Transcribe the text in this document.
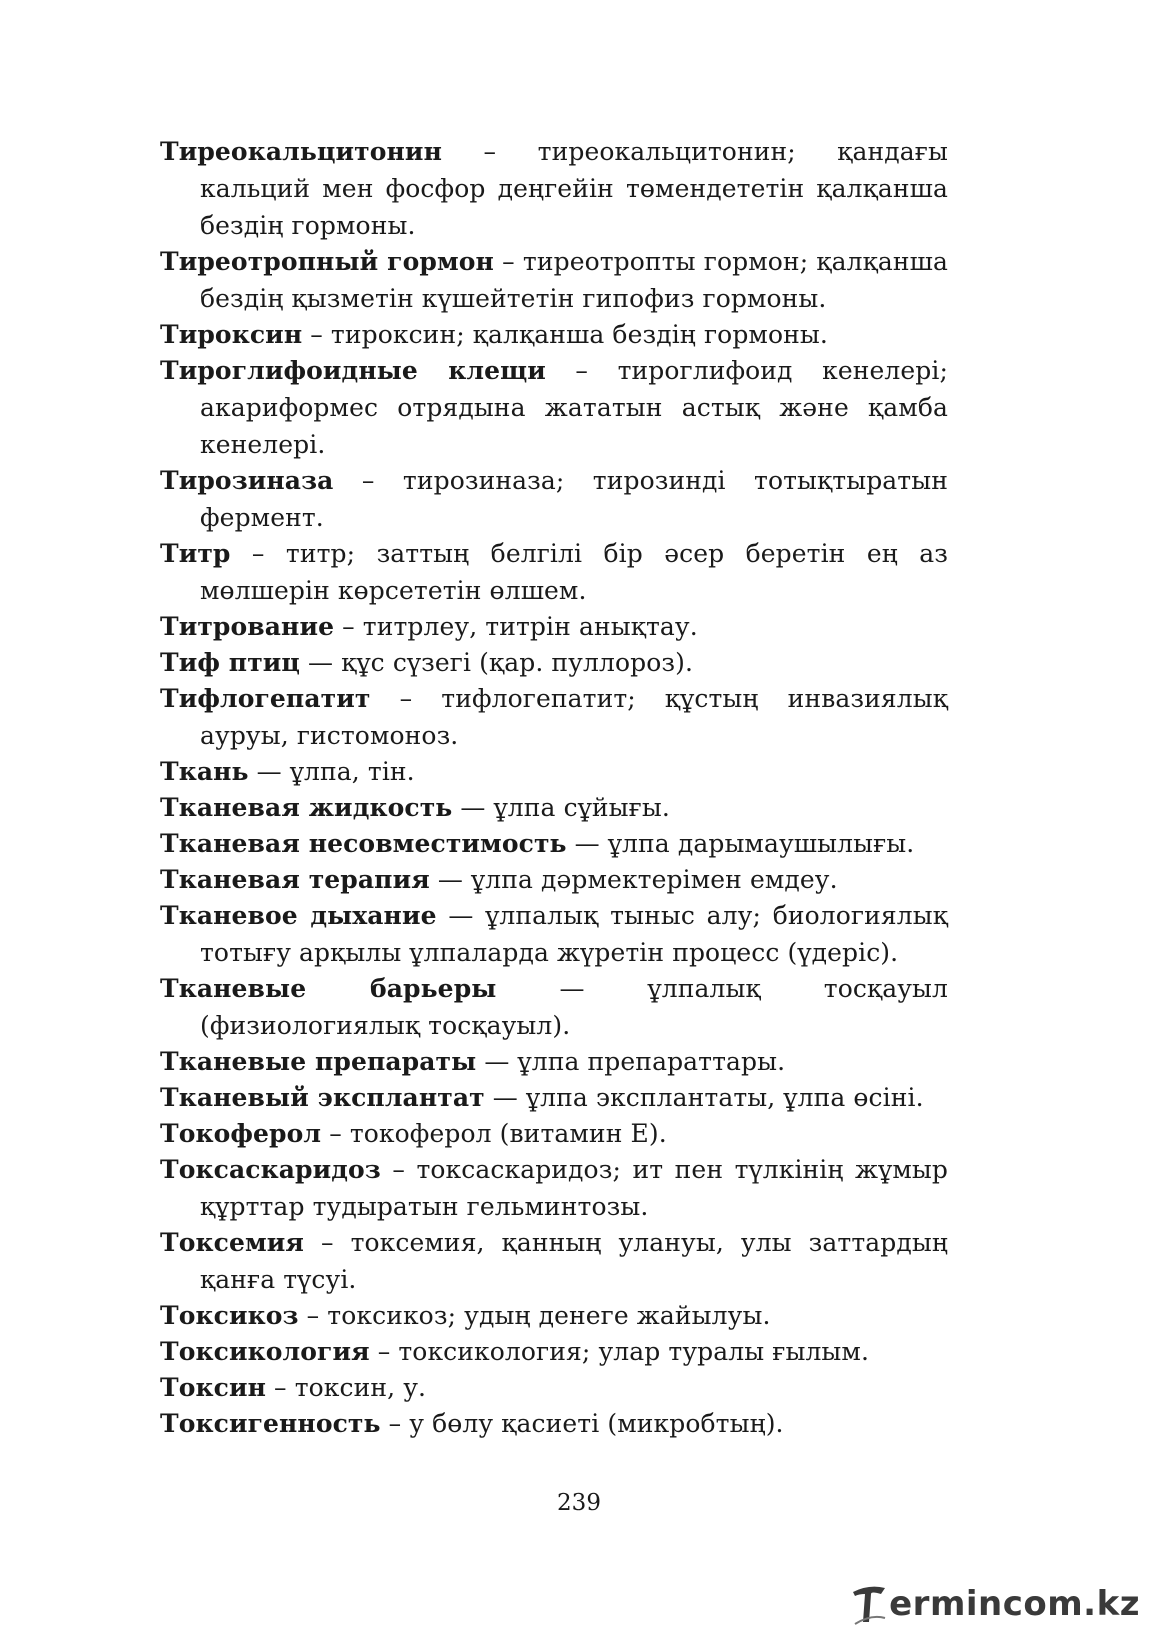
Тиреокальцитонин – тиреокальцитонин; қандағы кальций мен фосфор деңгейін төмендететін қалқанша бездің гормоны.

Тиреотропный гормон – тиреотропты гормон; қалқанша бездің қызметін күшейтетін гипофиз гормоны.

Тироксин – тироксин; қалқанша бездің гормоны.

Тироглифоидные клещи – тироглифоид кенелері; акариформес отрядына жататын астық және қамба кенелері.

Тирозиназа – тирозиназа; тирозинді тотықтыратын фермент.

Титр – титр; заттың белгілі бір әсер беретін ең аз мөлшерін көрсететін өлшем.

Титрование – титрлеу, титрін анықтау.

Тиф птиц — құс сүзегі (қар. пуллороз).

Тифлогепатит – тифлогепатит; құстың инвазиялық ауруы, гистомоноз.

Ткань — ұлпа, тін.

Тканевая жидкость — ұлпа сұйығы.

Тканевая несовместимость — ұлпа дарымаушылығы.

Тканевая терапия — ұлпа дәрмектерімен емдеу.

Тканевое дыхание — ұлпалық тыныс алу; биологиялық тотығу арқылы ұлпаларда жүретін процесс (үдеріс).

Тканевые барьеры — ұлпалық тосқауыл (физиологиялық тосқауыл).

Тканевые препараты — ұлпа препараттары.

Тканевый эксплантат — ұлпа эксплантаты, ұлпа өсіні.

Токоферол – токоферол (витамин Е).

Токсаскаридоз – токсаскаридоз; ит пен түлкінің жұмыр құрттар тудыратын гельминтозы.

Токсемия – токсемия, қанның улануы, улы заттардың қанға түсуі.

Токсикоз – токсикоз; удың денеге жайылуы.

Токсикология – токсикология; улар туралы ғылым.

Токсин – токсин, у.

Токсигенность – у бөлу қасиеті (микробтың).

239
ermincom.kz
